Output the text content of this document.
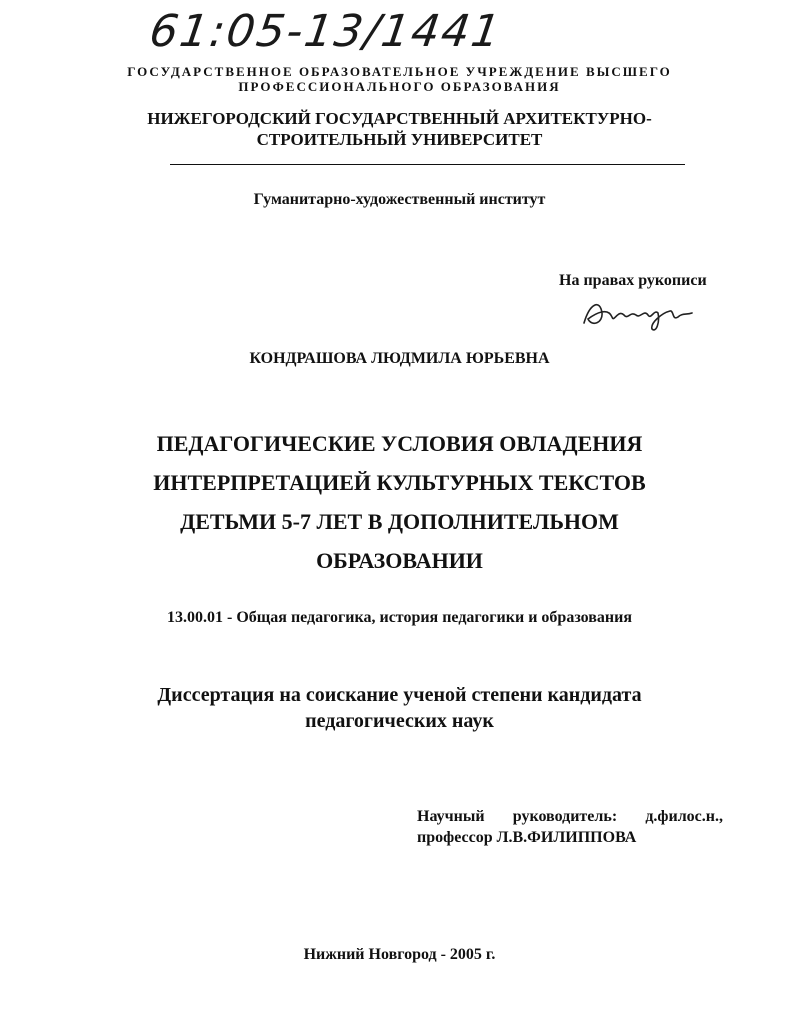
61:05-13/1441
ГОСУДАРСТВЕННОЕ ОБРАЗОВАТЕЛЬНОЕ УЧРЕЖДЕНИЕ ВЫСШЕГО
ПРОФЕССИОНАЛЬНОГО ОБРАЗОВАНИЯ
НИЖЕГОРОДСКИЙ ГОСУДАРСТВЕННЫЙ АРХИТЕКТУРНО-
СТРОИТЕЛЬНЫЙ УНИВЕРСИТЕТ
Гуманитарно-художественный институт
На правах рукописи
КОНДРАШОВА ЛЮДМИЛА ЮРЬЕВНА
ПЕДАГОГИЧЕСКИЕ УСЛОВИЯ ОВЛАДЕНИЯ
ИНТЕРПРЕТАЦИЕЙ КУЛЬТУРНЫХ ТЕКСТОВ
ДЕТЬМИ 5-7 ЛЕТ В ДОПОЛНИТЕЛЬНОМ
ОБРАЗОВАНИИ
13.00.01 - Общая педагогика, история педагогики и образования
Диссертация на соискание ученой степени кандидата
педагогических наук
Научный руководитель: д.филос.н.,
профессор Л.В.ФИЛИППОВА
Нижний Новгород - 2005 г.
